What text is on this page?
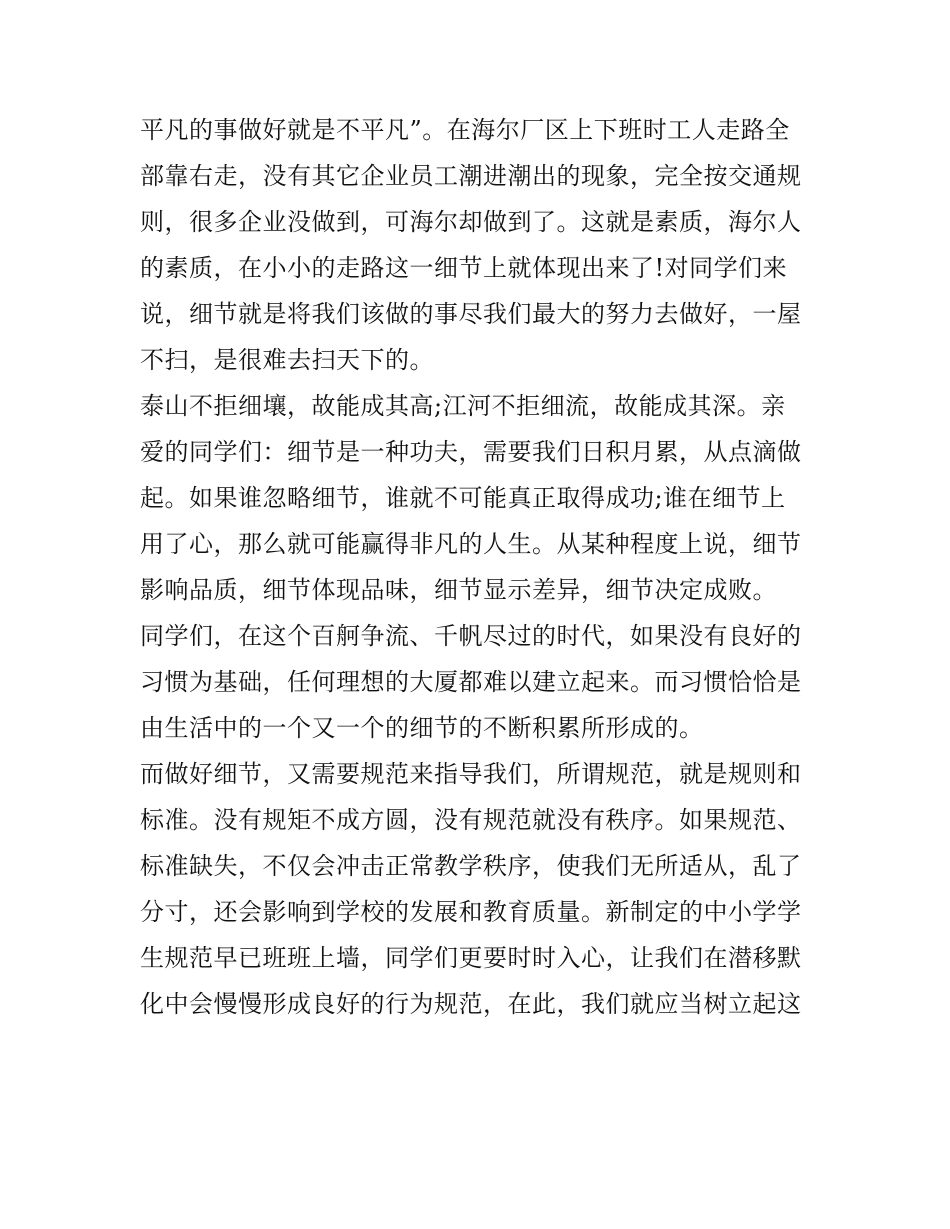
平凡的事做好就是不平凡”。在海尔厂区上下班时工人走路全
部靠右走，没有其它企业员工潮进潮出的现象，完全按交通规
则，很多企业没做到，可海尔却做到了。这就是素质，海尔人
的素质，在小小的走路这一细节上就体现出来了!对同学们来
说，细节就是将我们该做的事尽我们最大的努力去做好，一屋
不扫，是很难去扫天下的。
泰山不拒细壤，故能成其高;江河不拒细流，故能成其深。亲
爱的同学们：细节是一种功夫，需要我们日积月累，从点滴做
起。如果谁忽略细节，谁就不可能真正取得成功;谁在细节上
用了心，那么就可能赢得非凡的人生。从某种程度上说，细节
影响品质，细节体现品味，细节显示差异，细节决定成败。
同学们，在这个百舸争流、千帆尽过的时代，如果没有良好的
习惯为基础，任何理想的大厦都难以建立起来。而习惯恰恰是
由生活中的一个又一个的细节的不断积累所形成的。
而做好细节，又需要规范来指导我们，所谓规范，就是规则和
标准。没有规矩不成方圆，没有规范就没有秩序。如果规范、
标准缺失，不仅会冲击正常教学秩序，使我们无所适从，乱了
分寸，还会影响到学校的发展和教育质量。新制定的中小学学
生规范早已班班上墙，同学们更要时时入心，让我们在潜移默
化中会慢慢形成良好的行为规范，在此，我们就应当树立起这
